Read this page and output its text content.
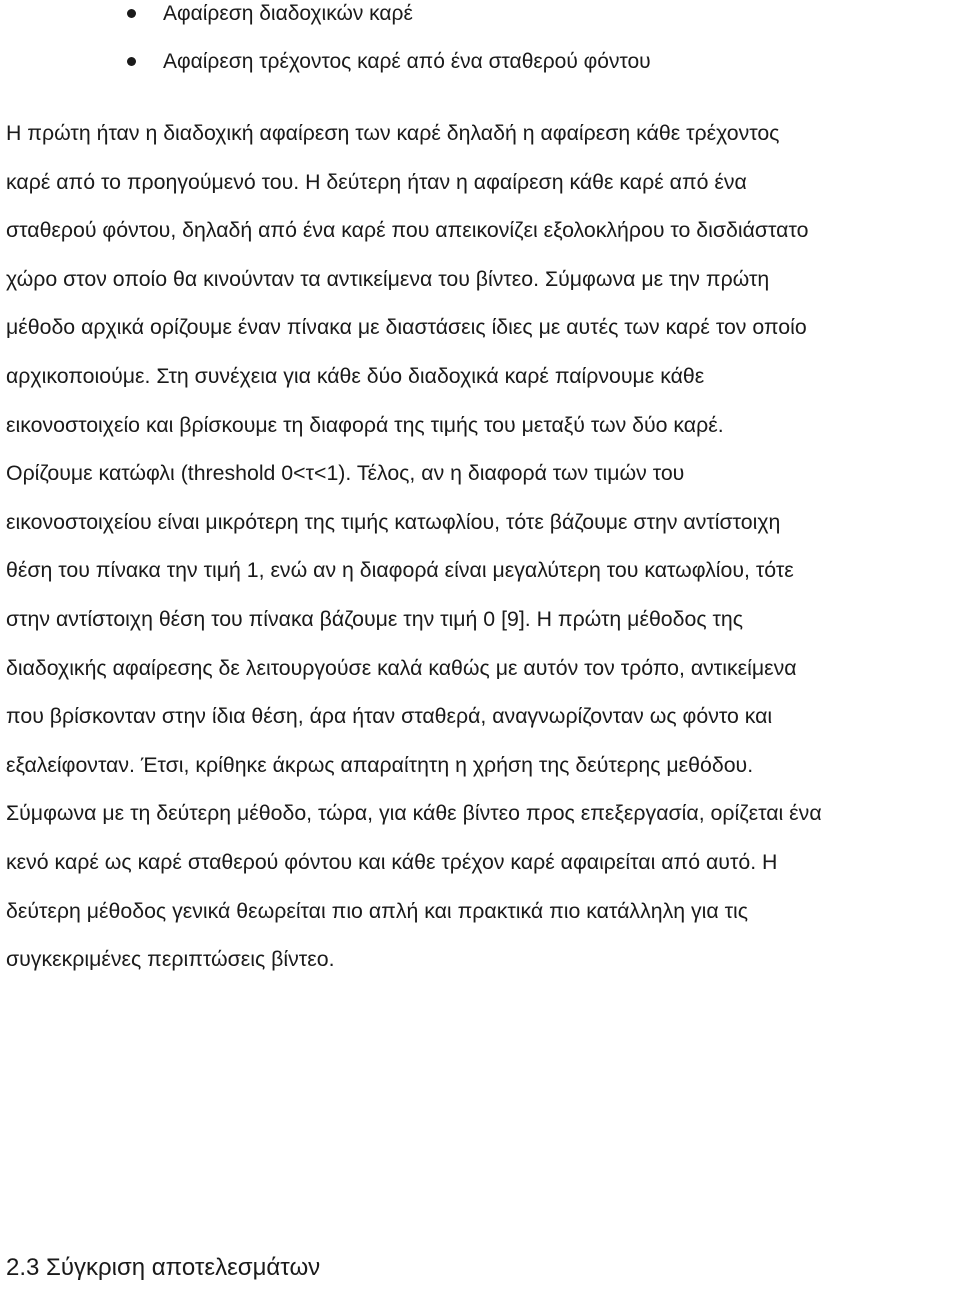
Αφαίρεση διαδοχικών καρέ
Αφαίρεση τρέχοντος καρέ από ένα σταθερού φόντου

Η πρώτη ήταν η διαδοχική αφαίρεση των καρέ δηλαδή η αφαίρεση κάθε τρέχοντος
καρέ από το προηγούμενό του. Η δεύτερη ήταν η αφαίρεση κάθε καρέ από ένα
σταθερού φόντου, δηλαδή από ένα καρέ που απεικονίζει εξολοκλήρου το δισδιάστατο
χώρο στον οποίο θα κινούνταν τα αντικείμενα του βίντεο. Σύμφωνα με την πρώτη
μέθοδο αρχικά ορίζουμε έναν πίνακα με διαστάσεις ίδιες με αυτές των καρέ τον οποίο
αρχικοποιούμε. Στη συνέχεια για κάθε δύο διαδοχικά καρέ παίρνουμε κάθε
εικονοστοιχείο και βρίσκουμε τη διαφορά της τιμής του μεταξύ των δύο καρέ.
Ορίζουμε κατώφλι (threshold 0<τ<1). Τέλος, αν η διαφορά των τιμών του
εικονοστοιχείου είναι μικρότερη της τιμής κατωφλίου, τότε βάζουμε στην αντίστοιχη
θέση του πίνακα την τιμή 1, ενώ αν η διαφορά είναι μεγαλύτερη του κατωφλίου, τότε
στην αντίστοιχη θέση του πίνακα βάζουμε την τιμή 0 [9]. Η πρώτη μέθοδος της
διαδοχικής αφαίρεσης δε λειτουργούσε καλά καθώς με αυτόν τον τρόπο, αντικείμενα
που βρίσκονταν στην ίδια θέση, άρα ήταν σταθερά, αναγνωρίζονταν ως φόντο και
εξαλείφονταν. Έτσι, κρίθηκε άκρως απαραίτητη η χρήση της δεύτερης μεθόδου.
Σύμφωνα με τη δεύτερη μέθοδο, τώρα, για κάθε βίντεο προς επεξεργασία, ορίζεται ένα
κενό καρέ ως καρέ σταθερού φόντου και κάθε τρέχον καρέ αφαιρείται από αυτό. Η
δεύτερη μέθοδος γενικά θεωρείται πιο απλή και πρακτικά πιο κατάλληλη για τις
συγκεκριμένες περιπτώσεις βίντεο.

2.3 Σύγκριση αποτελεσμάτων
